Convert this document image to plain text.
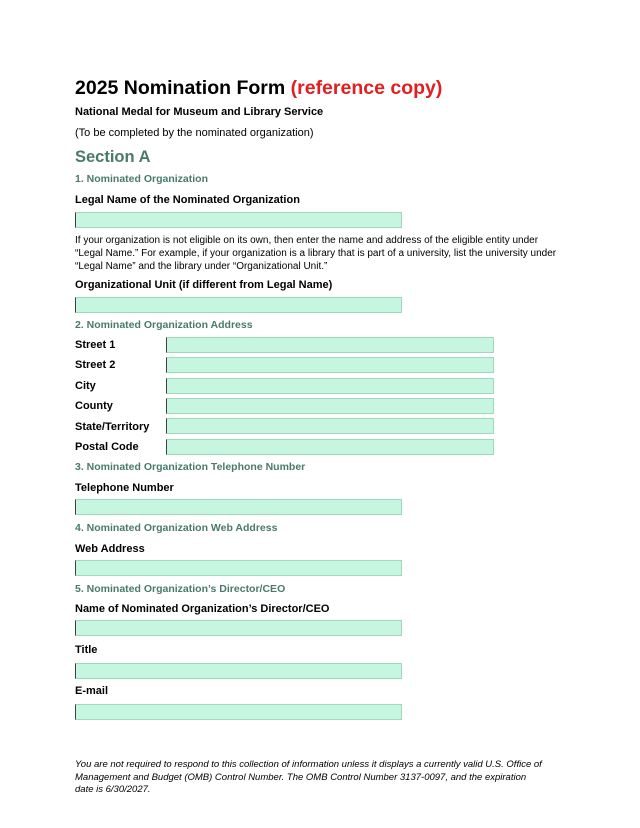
2025 Nomination Form (reference copy)
National Medal for Museum and Library Service
(To be completed by the nominated organization)
Section A
1. Nominated Organization
Legal Name of the Nominated Organization
If your organization is not eligible on its own, then enter the name and address of the eligible entity under “Legal Name.” For example, if your organization is a library that is part of a university, list the university under “Legal Name” and the library under “Organizational Unit.”
Organizational Unit (if different from Legal Name)
2. Nominated Organization Address
Street 1
Street 2
City
County
State/Territory
Postal Code
3. Nominated Organization Telephone Number
Telephone Number
4. Nominated Organization Web Address
Web Address
5. Nominated Organization’s Director/CEO
Name of Nominated Organization’s Director/CEO
Title
E-mail
You are not required to respond to this collection of information unless it displays a currently valid U.S. Office of Management and Budget (OMB) Control Number. The OMB Control Number 3137-0097, and the expiration date is 6/30/2027.
